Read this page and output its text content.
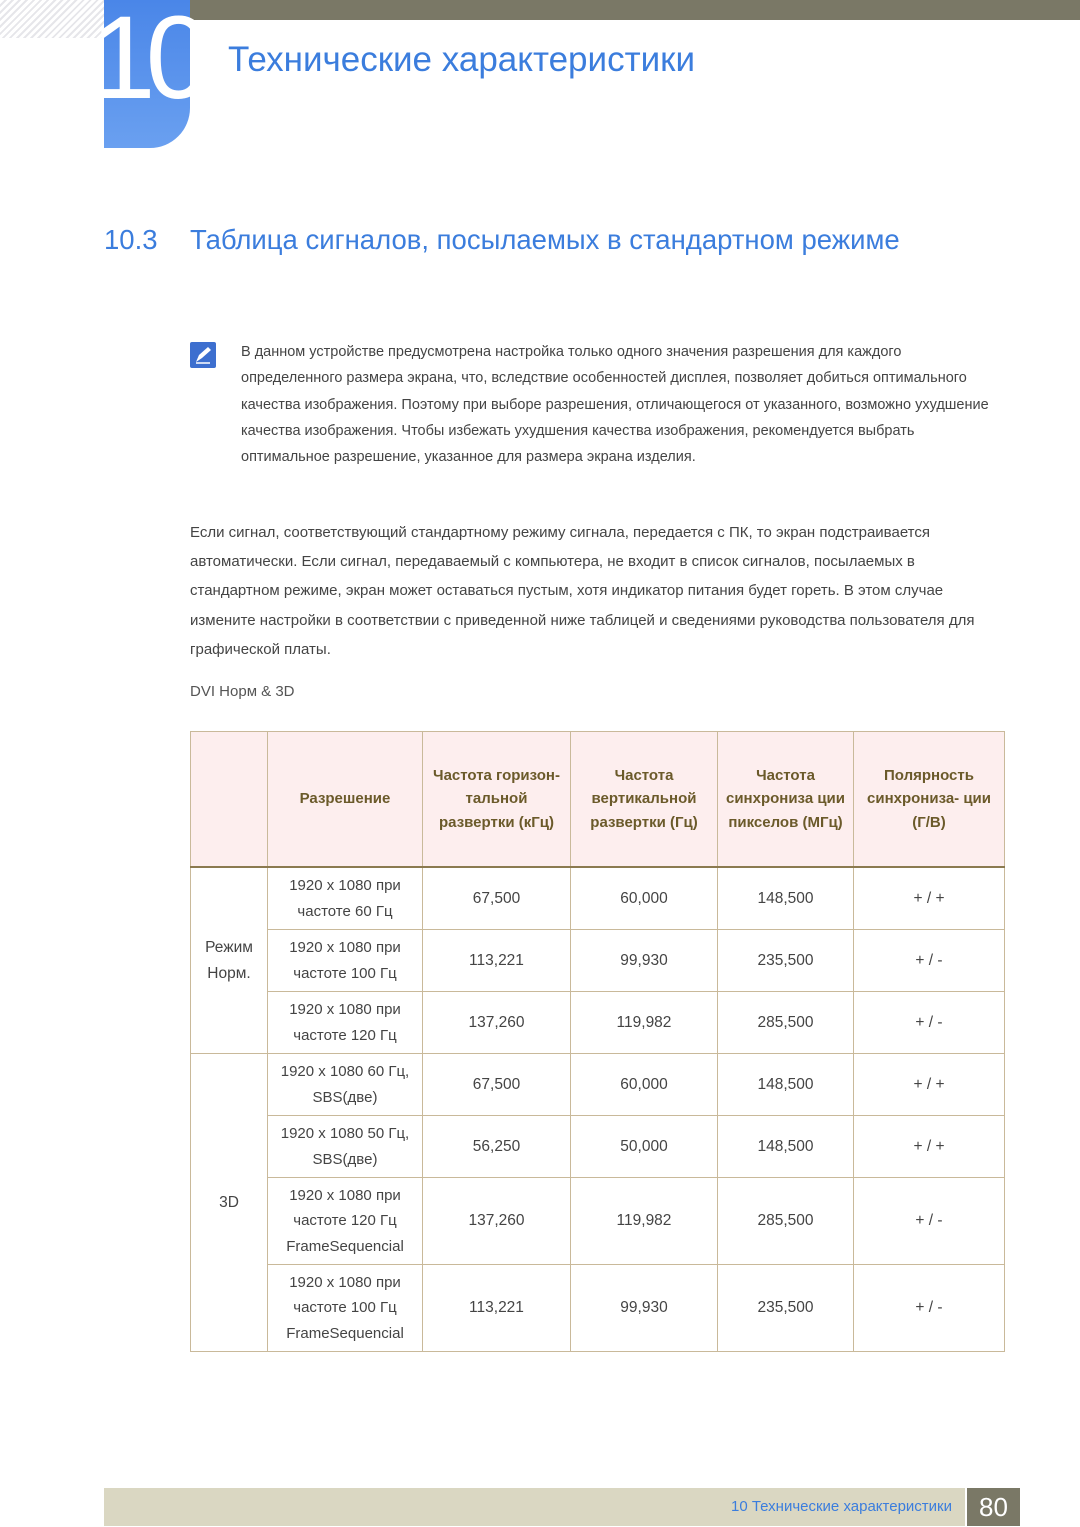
10 Технические характеристики
10.3 Таблица сигналов, посылаемых в стандартном режиме
В данном устройстве предусмотрена настройка только одного значения разрешения для каждого определенного размера экрана, что, вследствие особенностей дисплея, позволяет добиться оптимального качества изображения. Поэтому при выборе разрешения, отличающегося от указанного, возможно ухудшение качества изображения. Чтобы избежать ухудшения качества изображения, рекомендуется выбрать оптимальное разрешение, указанное для размера экрана изделия.
Если сигнал, соответствующий стандартному режиму сигнала, передается с ПК, то экран подстраивается автоматически. Если сигнал, передаваемый с компьютера, не входит в список сигналов, посылаемых в стандартном режиме, экран может оставаться пустым, хотя индикатор питания будет гореть. В этом случае измените настройки в соответствии с приведенной ниже таблицей и сведениями руководства пользователя для графической платы.
DVI Норм & 3D
	Разрешение	Частота горизон- тальной развертки (кГц)	Частота вертикальной развертки (Гц)	Частота синхрониза ции пикселов (МГц)	Полярность синхрониза- ции (Г/В)
Режим Норм.	1920 x 1080 при частоте 60 Гц	67,500	60,000	148,500	+ / +
	1920 x 1080 при частоте 100 Гц	113,221	99,930	235,500	+ / -
	1920 x 1080 при частоте 120 Гц	137,260	119,982	285,500	+ / -
3D	1920 x 1080 60 Гц, SBS(две)	67,500	60,000	148,500	+ / +
	1920 x 1080 50 Гц, SBS(две)	56,250	50,000	148,500	+ / +
	1920 x 1080 при частоте 120 Гц FrameSequencial	137,260	119,982	285,500	+ / -
	1920 x 1080 при частоте 100 Гц FrameSequencial	113,221	99,930	235,500	+ / -
10 Технические характеристики	80
